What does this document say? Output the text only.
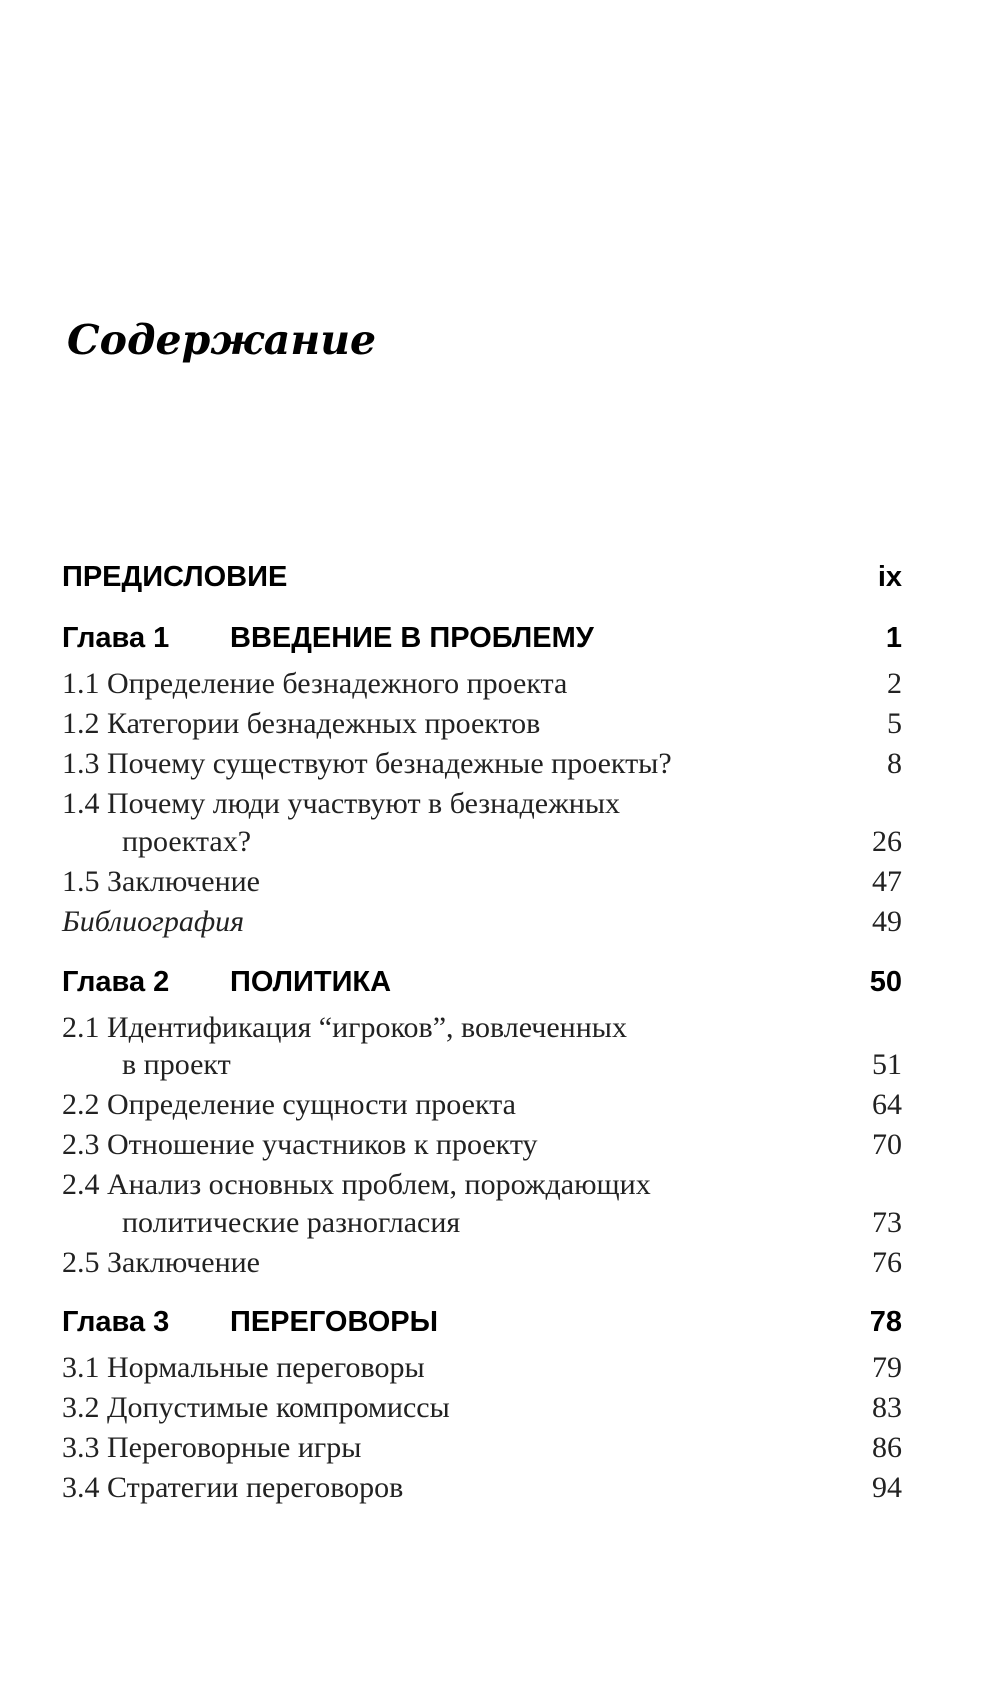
Содержание
ПРЕДИСЛОВИЕ	ix
Глава 1	ВВЕДЕНИЕ В ПРОБЛЕМУ	1
1.1 Определение безнадежного проекта	2
1.2 Категории безнадежных проектов	5
1.3 Почему существуют безнадежные проекты?	8
1.4 Почему люди участвуют в безнадежных
проектах?	26
1.5 Заключение	47
Библиография	49
Глава 2	ПОЛИТИКА	50
2.1 Идентификация “игроков”, вовлеченных
в проект	51
2.2 Определение сущности проекта	64
2.3 Отношение участников к проекту	70
2.4 Анализ основных проблем, порождающих
политические разногласия	73
2.5 Заключение	76
Глава 3	ПЕРЕГОВОРЫ	78
3.1 Нормальные переговоры	79
3.2 Допустимые компромиссы	83
3.3 Переговорные игры	86
3.4 Стратегии переговоров	94
